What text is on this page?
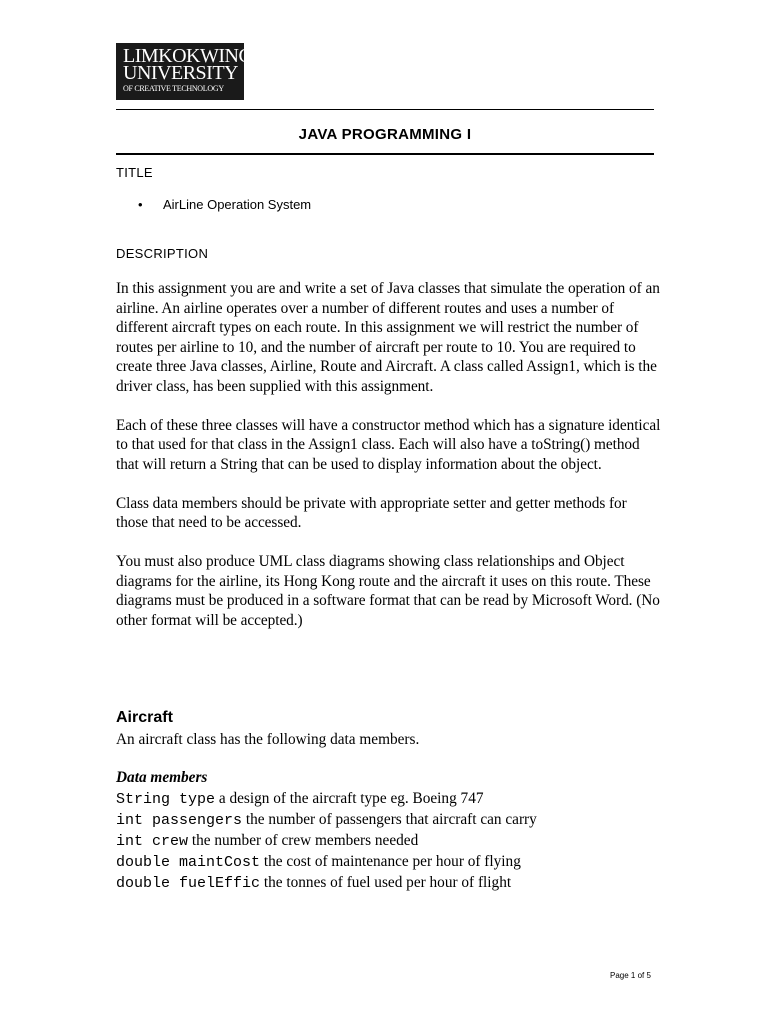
LIMKOKWING
UNIVERSITY
OF CREATIVE TECHNOLOGY
JAVA PROGRAMMING I
TITLE
• AirLine Operation System
DESCRIPTION

In this assignment you are and write a set of Java classes that simulate the operation of an airline. An airline operates over a number of different routes and uses a number of different aircraft types on each route. In this assignment we will restrict the number of routes per airline to 10, and the number of aircraft per route to 10. You are required to create three Java classes, Airline, Route and Aircraft. A class called Assign1, which is the driver class, has been supplied with this assignment.

Each of these three classes will have a constructor method which has a signature identical to that used for that class in the Assign1 class. Each will also have a toString() method that will return a String that can be used to display information about the object.

Class data members should be private with appropriate setter and getter methods for those that need to be accessed.

You must also produce UML class diagrams showing class relationships and Object diagrams for the airline, its Hong Kong route and the aircraft it uses on this route. These diagrams must be produced in a software format that can be read by Microsoft Word. (No other format will be accepted.)

Aircraft
An aircraft class has the following data members.
Data members
String type a design of the aircraft type eg. Boeing 747
int passengers the number of passengers that aircraft can carry
int crew the number of crew members needed
double maintCost the cost of maintenance per hour of flying
double fuelEffic the tonnes of fuel used per hour of flight
Page 1 of 5
